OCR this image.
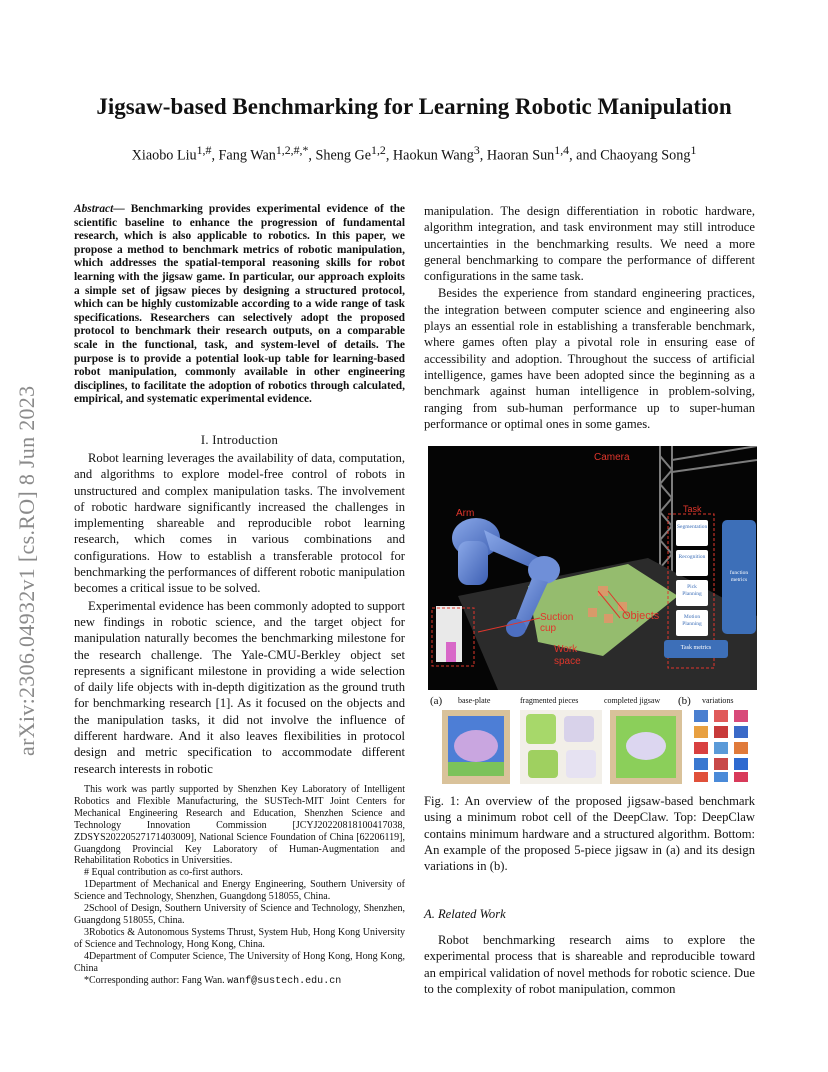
arXiv:2306.04932v1 [cs.RO] 8 Jun 2023
Jigsaw-based Benchmarking for Learning Robotic Manipulation
Xiaobo Liu$^{1,\#}$, Fang Wan$^{1,2,\#,*}$, Sheng Ge$^{1,2}$, Haokun Wang$^3$, Haoran Sun$^{1,4}$, and Chaoyang Song$^1$
Abstract— Benchmarking provides experimental evidence of the scientific baseline to enhance the progression of fundamental research, which is also applicable to robotics. In this paper, we propose a method to benchmark metrics of robotic manipulation, which addresses the spatial-temporal reasoning skills for robot learning with the jigsaw game. In particular, our approach exploits a simple set of jigsaw pieces by designing a structured protocol, which can be highly customizable according to a wide range of task specifications. Researchers can selectively adopt the proposed protocol to benchmark their research outputs, on a comparable scale in the functional, task, and system-level of details. The purpose is to provide a potential look-up table for learning-based robot manipulation, commonly available in other engineering disciplines, to facilitate the adoption of robotics through calculated, empirical, and systematic experimental evidence.
I. Introduction

Robot learning leverages the availability of data, computation, and algorithms to explore model-free control of robots in unstructured and complex manipulation tasks. The involvement of robotic hardware significantly increased the challenges in implementing shareable and reproducible robot learning research, which comes in various combinations and configurations. How to establish a transferable protocol for benchmarking the performances of different robotic manipulation becomes a critical issue to be solved.

Experimental evidence has been commonly adopted to support new findings in robotic science, and the target object for manipulation naturally becomes the benchmarking milestone for the research challenge. The Yale-CMU-Berkley object set represents a significant milestone in providing a wide selection of daily life objects with in-depth digitization as the ground truth for benchmarking research [1]. As it focused on the objects and the manipulation tasks, it did not involve the influence of different hardware. And it also leaves flexibilities in protocol design and metric specification to accommodate different research interests in robotic

This work was partly supported by Shenzhen Key Laboratory of Intelligent Robotics and Flexible Manufacturing, the SUSTech-MIT Joint Centers for Mechanical Engineering Research and Education, Shenzhen Science and Technology Innovation Commission [JCYJ20220818100417038, ZDSYS20220527171403009], National Science Foundation of China [62206119], Guangdong Provincial Key Laboratory of Human-Augmentation and Rehabilitation Robotics in Universities.

# Equal contribution as co-first authors.

1Department of Mechanical and Energy Engineering, Southern University of Science and Technology, Shenzhen, Guangdong 518055, China.

2School of Design, Southern University of Science and Technology, Shenzhen, Guangdong 518055, China.

3Robotics & Autonomous Systems Thrust, System Hub, Hong Kong University of Science and Technology, Hong Kong, China.

4Department of Computer Science, The University of Hong Kong, Hong Kong, China

*Corresponding author: Fang Wan. wanf@sustech.edu.cn

manipulation. The design differentiation in robotic hardware, algorithm integration, and task environment may still introduce uncertainties in the benchmarking results. We need a more general benchmarking to compare the performance of different configurations in the same task.

Besides the experience from standard engineering practices, the integration between computer science and engineering also plays an essential role in establishing a transferable benchmark, where games often play a pivotal role in ensuring ease of accessibility and adoption. Throughout the success of artificial intelligence, games have been adopted since the beginning as a benchmark against human intelligence in problem-solving, ranging from sub-human performance up to super-human performance or optimal ones in some games.

Camera
Arm	Task
Objects
Suction cup
Work space
Segmentation
Recognition
Pick Planning
Motion Planning
function metrics
Task metrics
(a) base-plate	fragmented pieces	completed jigsaw (b) variations
Fig. 1: An overview of the proposed jigsaw-based benchmark using a minimum robot cell of the DeepClaw. Top: DeepClaw contains minimum hardware and a structured algorithm. Bottom: An example of the proposed 5-piece jigsaw in (a) and its design variations in (b).
A. Related Work

Robot benchmarking research aims to explore the experimental process that is shareable and reproducible toward an empirical validation of novel methods for robotic science. Due to the complexity of robot manipulation, common
